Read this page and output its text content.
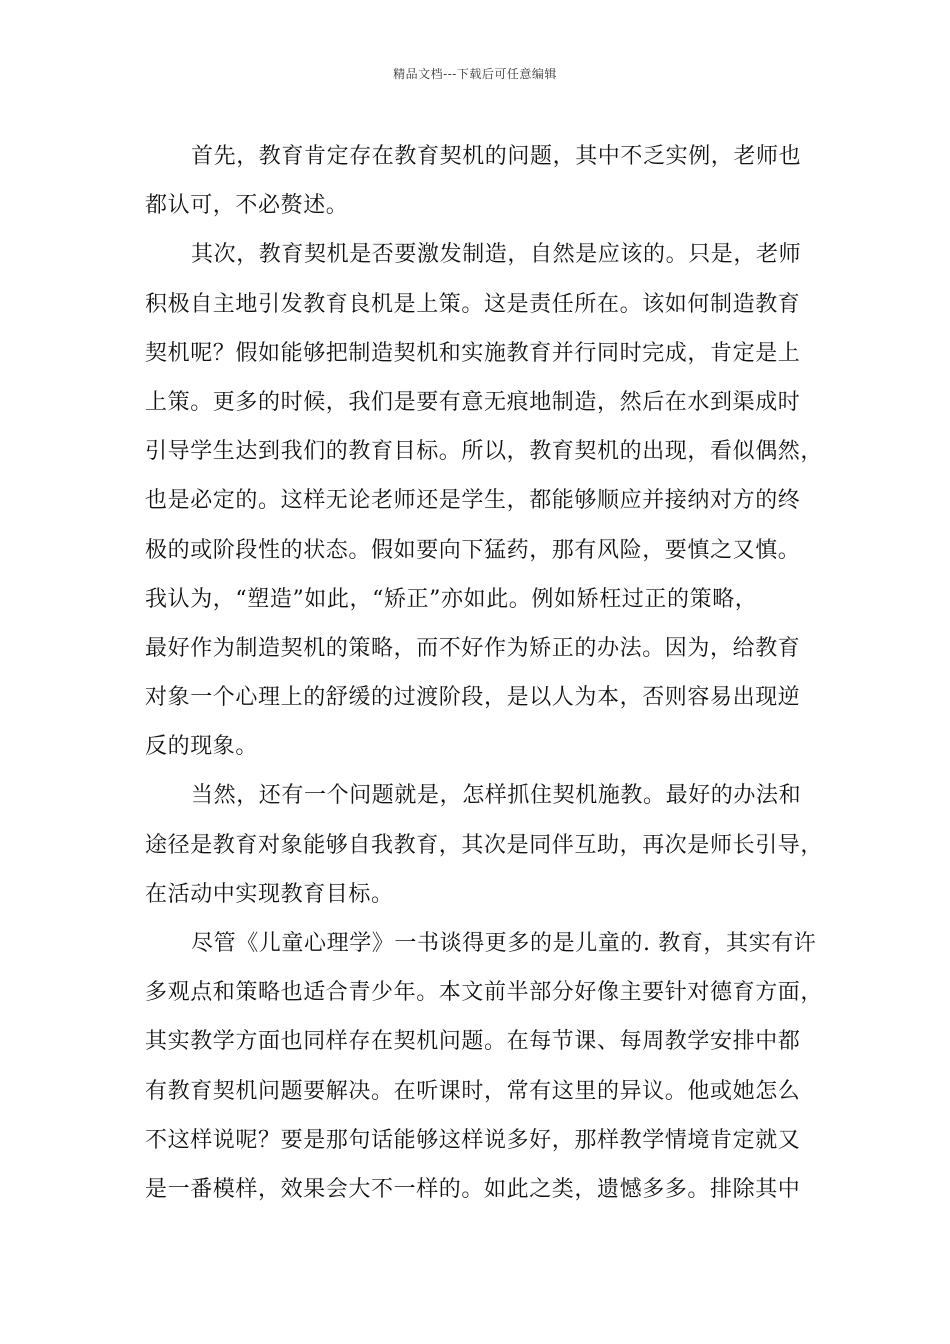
精品文档---下载后可任意编辑
首先，教育肯定存在教育契机的问题，其中不乏实例，老师也
都认可，不必赘述。
其次，教育契机是否要激发制造，自然是应该的。只是，老师
积极自主地引发教育良机是上策。这是责任所在。该如何制造教育
契机呢？假如能够把制造契机和实施教育并行同时完成，肯定是上
上策。更多的时候，我们是要有意无痕地制造，然后在水到渠成时
引导学生达到我们的教育目标。所以，教育契机的出现，看似偶然，
也是必定的。这样无论老师还是学生，都能够顺应并接纳对方的终
极的或阶段性的状态。假如要向下猛药，那有风险，要慎之又慎。
我认为，“塑造”如此，“矫正”亦如此。例如矫枉过正的策略，
最好作为制造契机的策略，而不好作为矫正的办法。因为，给教育
对象一个心理上的舒缓的过渡阶段，是以人为本，否则容易出现逆
反的现象。
当然，还有一个问题就是，怎样抓住契机施教。最好的办法和
途径是教育对象能够自我教育，其次是同伴互助，再次是师长引导，
在活动中实现教育目标。
尽管《儿童心理学》一书谈得更多的是儿童的. 教育，其实有许
多观点和策略也适合青少年。本文前半部分好像主要针对德育方面，
其实教学方面也同样存在契机问题。在每节课、每周教学安排中都
有教育契机问题要解决。在听课时，常有这里的异议。他或她怎么
不这样说呢？要是那句话能够这样说多好，那样教学情境肯定就又
是一番模样，效果会大不一样的。如此之类，遗憾多多。排除其中
